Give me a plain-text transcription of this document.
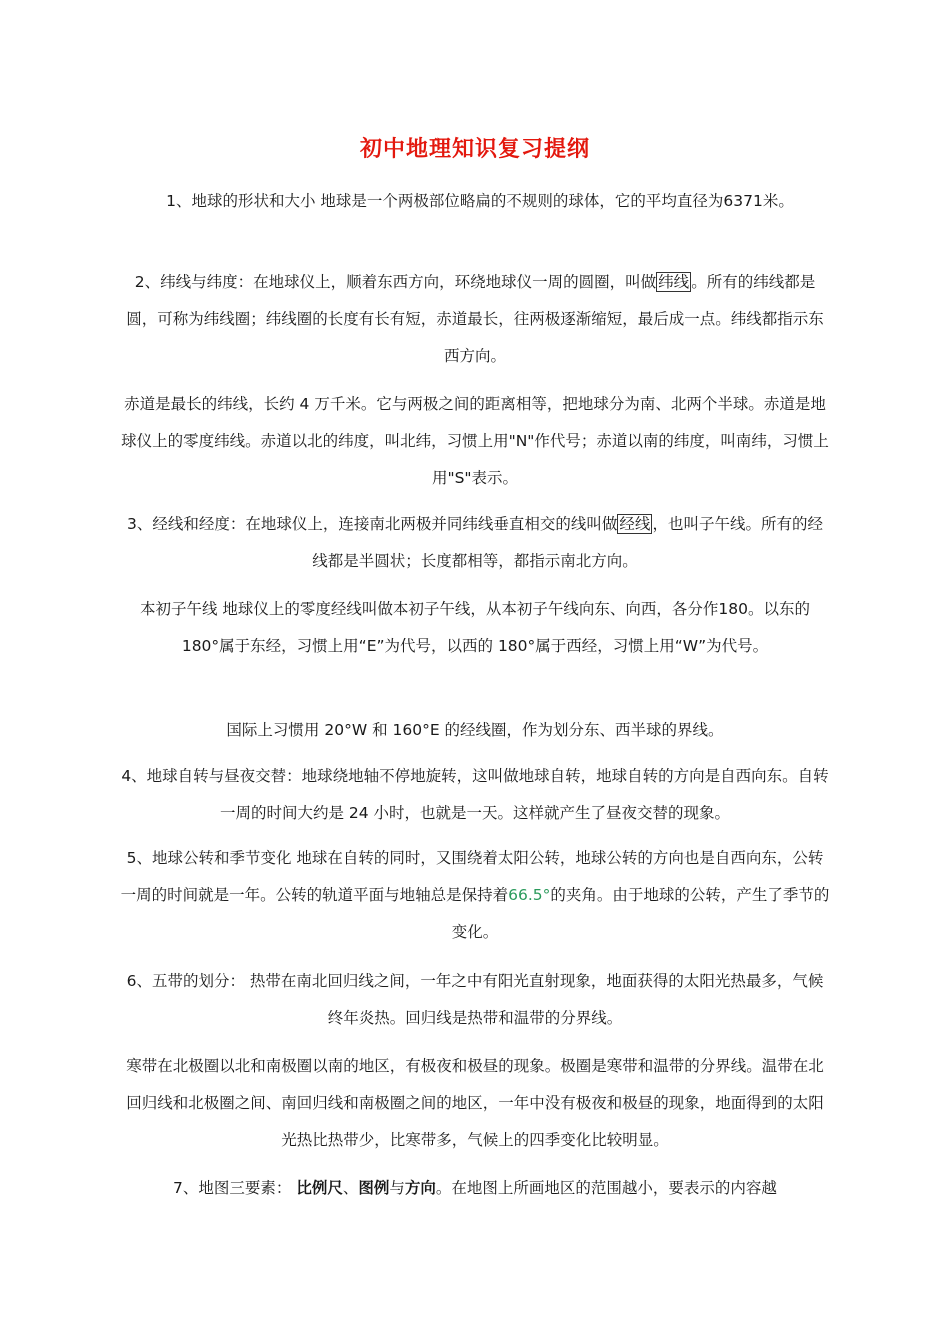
初中地理知识复习提纲

1、地球的形状和大小 地球是一个两极部位略扁的不规则的球体，它的平均直径为6371米。

2、纬线与纬度：在地球仪上，顺着东西方向，环绕地球仪一周的圆圈，叫做 纬线 。所有的纬线都是圆，可称为纬线圈；纬线圈的长度有长有短，赤道最长，往两极逐渐缩短，最后成一点。纬线都指示东西方向。

赤道是最长的纬线，长约 4 万千米。它与两极之间的距离相等，把地球分为南、北两个半球。赤道是地球仪上的零度纬线。赤道以北的纬度，叫北纬，习惯上用"N"作代号；赤道以南的纬度，叫南纬，习惯上用"S"表示。

3、经线和经度：在地球仪上，连接南北两极并同纬线垂直相交的线叫做 经线 ，也叫子午线。所有的经线都是半圆状；长度都相等，都指示南北方向。

本初子午线 地球仪上的零度经线叫做本初子午线，从本初子午线向东、向西，各分作180。以东的 180°属于东经，习惯上用“E”为代号，以西的 180°属于西经，习惯上用“W”为代号。

国际上习惯用 20°W 和 160°E 的经线圈，作为划分东、西半球的界线。

4、地球自转与昼夜交替：地球绕地轴不停地旋转，这叫做地球自转，地球自转的方向是自西向东。自转一周的时间大约是 24 小时，也就是一天。这样就产生了昼夜交替的现象。

5、地球公转和季节变化 地球在自转的同时，又围绕着太阳公转，地球公转的方向也是自西向东，公转一周的时间就是一年。公转的轨道平面与地轴总是保持着66.5°的夹角。由于地球的公转，产生了季节的变化。

6、五带的划分： 热带在南北回归线之间，一年之中有阳光直射现象，地面获得的太阳光热最多，气候终年炎热。回归线是热带和温带的分界线。

寒带在北极圈以北和南极圈以南的地区，有极夜和极昼的现象。极圈是寒带和温带的分界线。温带在北回归线和北极圈之间、南回归线和南极圈之间的地区，一年中没有极夜和极昼的现象，地面得到的太阳光热比热带少，比寒带多，气候上的四季变化比较明显。

7、地图三要素： 比例尺、图例与方向。在地图上所画地区的范围越小，要表示的内容越
